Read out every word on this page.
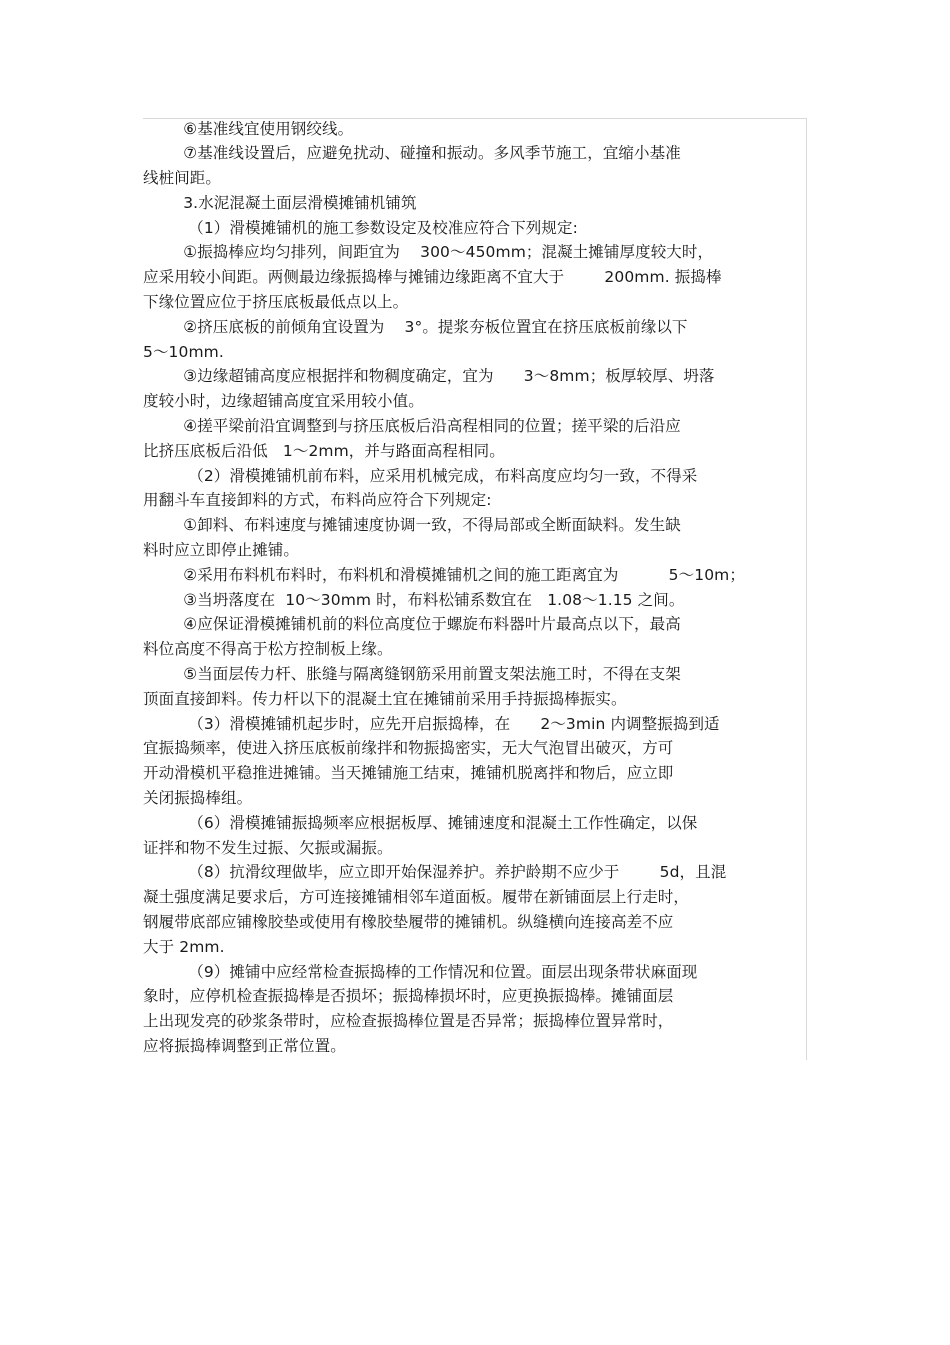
⑥基准线宜使用钢绞线。
⑦基准线设置后，应避免扰动、碰撞和振动。多风季节施工，宜缩小基准
线桩间距。
3.水泥混凝土面层滑模摊铺机铺筑
（1）滑模摊铺机的施工参数设定及校准应符合下列规定:
①振捣棒应均匀排列，间距宜为    300～450mm；混凝土摊铺厚度较大时，
应采用较小间距。两侧最边缘振捣棒与摊铺边缘距离不宜大于        200mm. 振捣棒
下缘位置应位于挤压底板最低点以上。
②挤压底板的前倾角宜设置为    3°。提浆夯板位置宜在挤压底板前缘以下
5～10mm.
③边缘超铺高度应根据拌和物稠度确定，宜为      3～8mm；板厚较厚、坍落
度较小时，边缘超铺高度宜采用较小值。
④搓平梁前沿宜调整到与挤压底板后沿高程相同的位置；搓平梁的后沿应
比挤压底板后沿低   1～2mm，并与路面高程相同。
（2）滑模摊铺机前布料，应采用机械完成，布料高度应均匀一致，不得采
用翻斗车直接卸料的方式，布料尚应符合下列规定:
①卸料、布料速度与摊铺速度协调一致，不得局部或全断面缺料。发生缺
料时应立即停止摊铺。
②采用布料机布料时，布料机和滑模摊铺机之间的施工距离宜为          5～10m；
③当坍落度在  10～30mm 时，布料松铺系数宜在   1.08～1.15 之间。
④应保证滑模摊铺机前的料位高度位于螺旋布料器叶片最高点以下，最高
料位高度不得高于松方控制板上缘。
⑤当面层传力杆、胀缝与隔离缝钢筋采用前置支架法施工时，不得在支架
顶面直接卸料。传力杆以下的混凝土宜在摊铺前采用手持振捣棒振实。
（3）滑模摊铺机起步时，应先开启振捣棒，在      2～3min 内调整振捣到适
宜振捣频率，使进入挤压底板前缘拌和物振捣密实，无大气泡冒出破灭，方可
开动滑模机平稳推进摊铺。当天摊铺施工结束，摊铺机脱离拌和物后，应立即
关闭振捣棒组。
（6）滑模摊铺振捣频率应根据板厚、摊铺速度和混凝土工作性确定，以保
证拌和物不发生过振、欠振或漏振。
（8）抗滑纹理做毕，应立即开始保湿养护。养护龄期不应少于        5d，且混
凝土强度满足要求后，方可连接摊铺相邻车道面板。履带在新铺面层上行走时，
钢履带底部应铺橡胶垫或使用有橡胶垫履带的摊铺机。纵缝横向连接高差不应
大于 2mm.
（9）摊铺中应经常检查振捣棒的工作情况和位置。面层出现条带状麻面现
象时，应停机检查振捣棒是否损坏；振捣棒损坏时，应更换振捣棒。摊铺面层
上出现发亮的砂浆条带时，应检查振捣棒位置是否异常；振捣棒位置异常时，
应将振捣棒调整到正常位置。
